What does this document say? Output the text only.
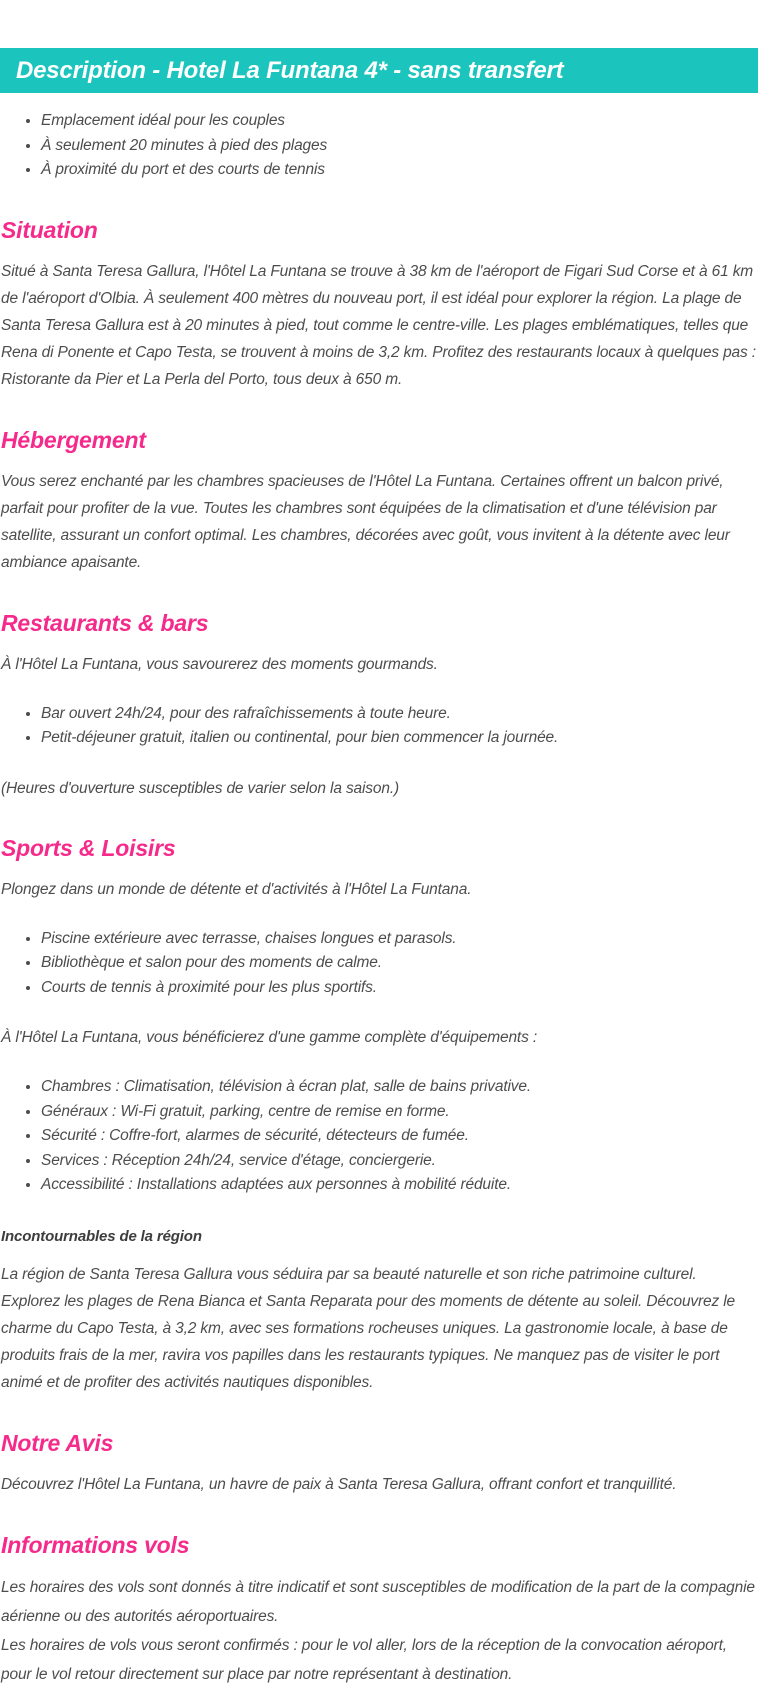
Description - Hotel La Funtana 4* - sans transfert
• Emplacement idéal pour les couples
• À seulement 20 minutes à pied des plages
• À proximité du port et des courts de tennis
Situation

Situé à Santa Teresa Gallura, l'Hôtel La Funtana se trouve à 38 km de l'aéroport de Figari Sud Corse et à 61 km de l'aéroport d'Olbia. À seulement 400 mètres du nouveau port, il est idéal pour explorer la région. La plage de Santa Teresa Gallura est à 20 minutes à pied, tout comme le centre-ville. Les plages emblématiques, telles que Rena di Ponente et Capo Testa, se trouvent à moins de 3,2 km. Profitez des restaurants locaux à quelques pas : Ristorante da Pier et La Perla del Porto, tous deux à 650 m.

Hébergement

Vous serez enchanté par les chambres spacieuses de l'Hôtel La Funtana. Certaines offrent un balcon privé, parfait pour profiter de la vue. Toutes les chambres sont équipées de la climatisation et d'une télévision par satellite, assurant un confort optimal. Les chambres, décorées avec goût, vous invitent à la détente avec leur ambiance apaisante.

Restaurants & bars

À l'Hôtel La Funtana, vous savourerez des moments gourmands.

• Bar ouvert 24h/24, pour des rafraîchissements à toute heure.
• Petit-déjeuner gratuit, italien ou continental, pour bien commencer la journée.

(Heures d'ouverture susceptibles de varier selon la saison.)

Sports & Loisirs

Plongez dans un monde de détente et d'activités à l'Hôtel La Funtana.

• Piscine extérieure avec terrasse, chaises longues et parasols.
• Bibliothèque et salon pour des moments de calme.
• Courts de tennis à proximité pour les plus sportifs.

À l'Hôtel La Funtana, vous bénéficierez d'une gamme complète d'équipements :

• Chambres : Climatisation, télévision à écran plat, salle de bains privative.
• Généraux : Wi-Fi gratuit, parking, centre de remise en forme.
• Sécurité : Coffre-fort, alarmes de sécurité, détecteurs de fumée.
• Services : Réception 24h/24, service d'étage, conciergerie.
• Accessibilité : Installations adaptées aux personnes à mobilité réduite.

Incontournables de la région

La région de Santa Teresa Gallura vous séduira par sa beauté naturelle et son riche patrimoine culturel. Explorez les plages de Rena Bianca et Santa Reparata pour des moments de détente au soleil. Découvrez le charme du Capo Testa, à 3,2 km, avec ses formations rocheuses uniques. La gastronomie locale, à base de produits frais de la mer, ravira vos papilles dans les restaurants typiques. Ne manquez pas de visiter le port animé et de profiter des activités nautiques disponibles.

Notre Avis

Découvrez l'Hôtel La Funtana, un havre de paix à Santa Teresa Gallura, offrant confort et tranquillité.

Informations vols

Les horaires des vols sont donnés à titre indicatif et sont susceptibles de modification de la part de la compagnie aérienne ou des autorités aéroportuaires.
Les horaires de vols vous seront confirmés : pour le vol aller, lors de la réception de la convocation aéroport, pour le vol retour directement sur place par notre représentant à destination.
